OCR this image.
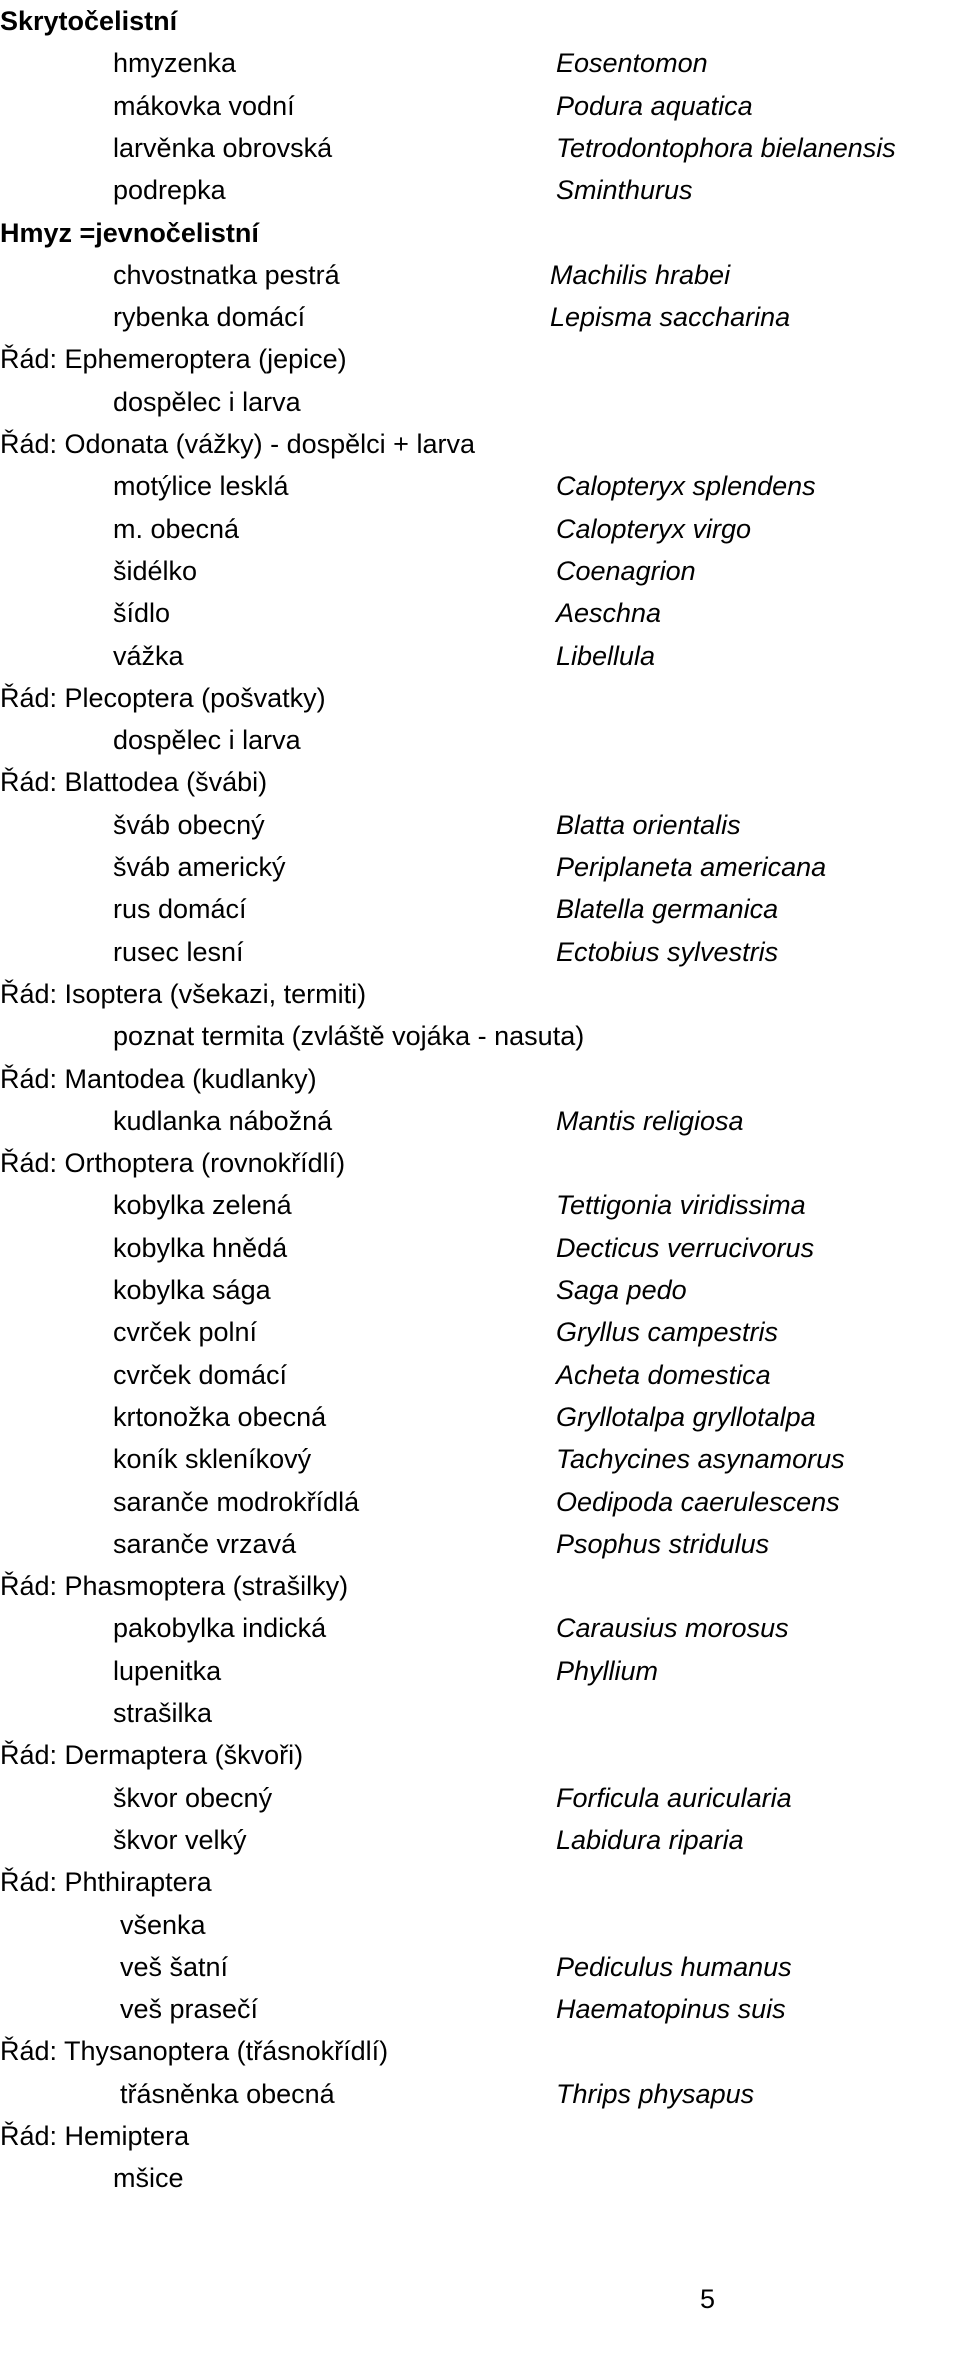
Skrytočelistní
hmyzenka	Eosentomon
mákovka vodní	Podura aquatica
larvěnka obrovská	Tetrodontophora bielanensis
podrepka	Sminthurus
Hmyz =jevnočelistní
chvostnatka pestrá	Machilis hrabei
rybenka domácí	Lepisma saccharina
Řád: Ephemeroptera (jepice)
dospělec i larva
Řád: Odonata (vážky) - dospělci + larva
motýlice lesklá	Calopteryx splendens
m. obecná	Calopteryx virgo
šidélko	Coenagrion
šídlo	Aeschna
vážka	Libellula
Řád: Plecoptera (pošvatky)
dospělec i larva
Řád: Blattodea (švábi)
šváb obecný	Blatta orientalis
šváb americký	Periplaneta americana
rus domácí	Blatella germanica
rusec lesní	Ectobius sylvestris
Řád: Isoptera (všekazi, termiti)
poznat termita (zvláště vojáka - nasuta)
Řád: Mantodea (kudlanky)
kudlanka nábožná	Mantis religiosa
Řád: Orthoptera (rovnokřídlí)
kobylka zelená	Tettigonia viridissima
kobylka hnědá	Decticus verrucivorus
kobylka sága	Saga pedo
cvrček polní	Gryllus campestris
cvrček domácí	Acheta domestica
krtonožka obecná	Gryllotalpa gryllotalpa
koník skleníkový	Tachycines asynamorus
saranče modrokřídlá	Oedipoda caerulescens
saranče vrzavá	Psophus stridulus
Řád: Phasmoptera (strašilky)
pakobylka indická	Carausius morosus
lupenitka	Phyllium
strašilka
Řád: Dermaptera (škvoři)
škvor obecný	Forficula auricularia
škvor velký	Labidura riparia
Řád: Phthiraptera
všenka
veš šatní	Pediculus humanus
veš prasečí	Haematopinus suis
Řád: Thysanoptera (třásnokřídlí)
třásněnka obecná	Thrips physapus
Řád: Hemiptera
mšice
5
